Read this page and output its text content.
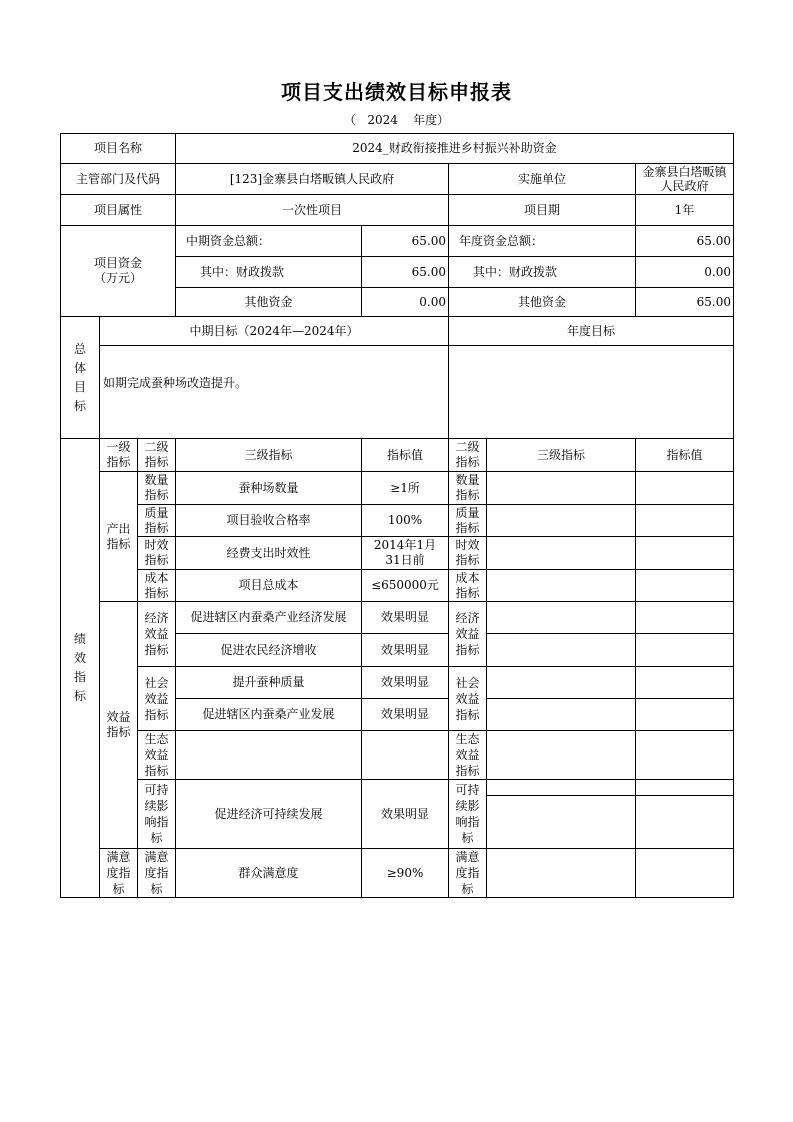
项目支出绩效目标申报表
（ 2024 年度）
项目名称			2024_财政衔接推进乡村振兴补助资金				
主管部门及代码			[123]金寨县白塔畈镇人民政府		实施单位		金寨县白塔畈镇人民政府
项目属性			一次性项目		项目期		1年
项目资金（万元）			中期资金总额：	65.00	年度资金总额：		65.00
			其中：财政拨款	65.00	其中：财政拨款		0.00
			其他资金	0.00	其他资金		65.00
总体目标	中期目标（2024年—2024年）				年度目标		
	如期完成蚕种场改造提升。						
绩效指标	一级指标	二级指标	三级指标	指标值	二级指标	三级指标	指标值
	产出指标	数量指标	蚕种场数量	≥1所	数量指标		
		质量指标	项目验收合格率	100%	质量指标		
		时效指标	经费支出时效性	2014年1月31日前	时效指标		
		成本指标	项目总成本	≤650000元	成本指标		
	效益指标	经济效益指标	促进辖区内蚕桑产业经济发展	效果明显	经济效益指标		
			促进农民经济增收	效果明显			
		社会效益指标	提升蚕种质量	效果明显	社会效益指标		
			促进辖区内蚕桑产业发展	效果明显			
		生态效益指标			生态效益指标		
		可持续影响指标	促进经济可持续发展	效果明显	可持续影响指标		

	满意度指标	满意度指标	群众满意度	≥90%	满意度指标		
